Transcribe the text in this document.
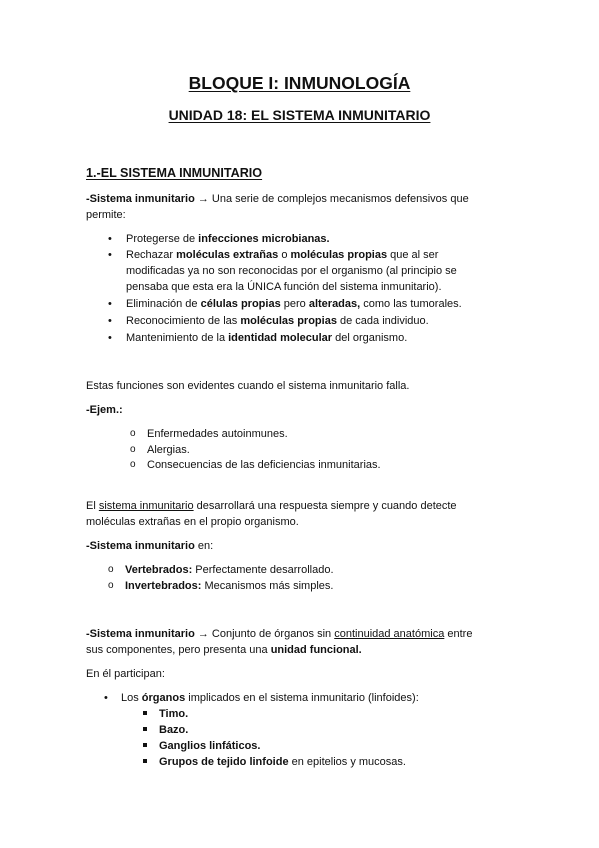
BLOQUE I: INMUNOLOGÍA
UNIDAD 18: EL SISTEMA INMUNITARIO
1.-EL SISTEMA INMUNITARIO
-Sistema inmunitario → Una serie de complejos mecanismos defensivos que
permite:
• Protegerse de infecciones microbianas.
• Rechazar moléculas extrañas o moléculas propias que al ser
modificadas ya no son reconocidas por el organismo (al principio se
pensaba que esta era la ÚNICA función del sistema inmunitario).
• Eliminación de células propias pero alteradas, como las tumorales.
• Reconocimiento de las moléculas propias de cada individuo.
• Mantenimiento de la identidad molecular del organismo.
Estas funciones son evidentes cuando el sistema inmunitario falla.
-Ejem.:
o Enfermedades autoinmunes.
o Alergias.
o Consecuencias de las deficiencias inmunitarias.
El sistema inmunitario desarrollará una respuesta siempre y cuando detecte
moléculas extrañas en el propio organismo.
-Sistema inmunitario en:
o Vertebrados: Perfectamente desarrollado.
o Invertebrados: Mecanismos más simples.
-Sistema inmunitario → Conjunto de órganos sin continuidad anatómica entre
sus componentes, pero presenta una unidad funcional.
En él participan:
• Los órganos implicados en el sistema inmunitario (linfoides):
Timo.
Bazo.
Ganglios linfáticos.
Grupos de tejido linfoide en epitelios y mucosas.
